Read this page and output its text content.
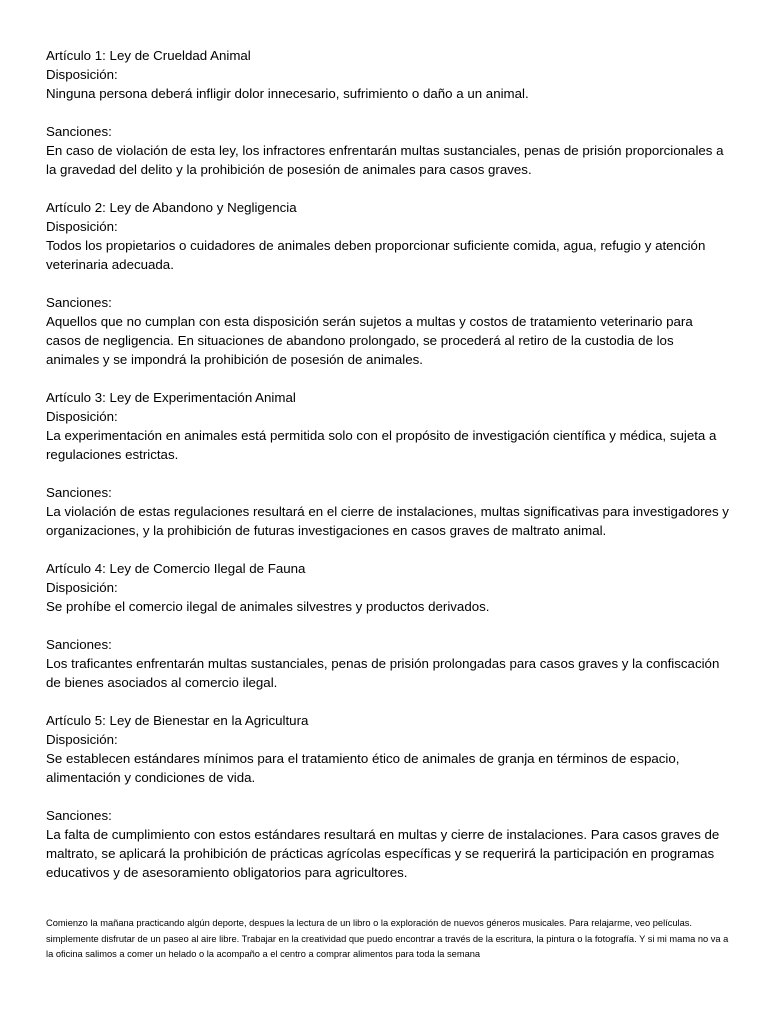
Artículo 1: Ley de Crueldad Animal

Disposición:

Ninguna persona deberá infligir dolor innecesario, sufrimiento o daño a un animal.

Sanciones:

En caso de violación de esta ley, los infractores enfrentarán multas sustanciales, penas de prisión proporcionales a la gravedad del delito y la prohibición de posesión de animales para casos graves.

Artículo 2: Ley de Abandono y Negligencia

Disposición:

Todos los propietarios o cuidadores de animales deben proporcionar suficiente comida, agua, refugio y atención veterinaria adecuada.

Sanciones:

Aquellos que no cumplan con esta disposición serán sujetos a multas y costos de tratamiento veterinario para casos de negligencia. En situaciones de abandono prolongado, se procederá al retiro de la custodia de los animales y se impondrá la prohibición de posesión de animales.

Artículo 3: Ley de Experimentación Animal

Disposición:

La experimentación en animales está permitida solo con el propósito de investigación científica y médica, sujeta a regulaciones estrictas.

Sanciones:

La violación de estas regulaciones resultará en el cierre de instalaciones, multas significativas para investigadores y organizaciones, y la prohibición de futuras investigaciones en casos graves de maltrato animal.

Artículo 4: Ley de Comercio Ilegal de Fauna

Disposición:

Se prohíbe el comercio ilegal de animales silvestres y productos derivados.

Sanciones:

Los traficantes enfrentarán multas sustanciales, penas de prisión prolongadas para casos graves y la confiscación de bienes asociados al comercio ilegal.

Artículo 5: Ley de Bienestar en la Agricultura

Disposición:

Se establecen estándares mínimos para el tratamiento ético de animales de granja en términos de espacio, alimentación y condiciones de vida.

Sanciones:

La falta de cumplimiento con estos estándares resultará en multas y cierre de instalaciones. Para casos graves de maltrato, se aplicará la prohibición de prácticas agrícolas específicas y se requerirá la participación en programas educativos y de asesoramiento obligatorios para agricultores.

Comienzo la mañana practicando algún deporte, despues la lectura de un libro o la exploración de nuevos géneros musicales. Para relajarme, veo películas. simplemente disfrutar de un paseo al aire libre. Trabajar en la creatividad que puedo encontrar a través de la escritura, la pintura o la fotografía. Y si mi mama no va a la oficina salimos a comer un helado o la acompaño a el centro a comprar alimentos para toda la semana
